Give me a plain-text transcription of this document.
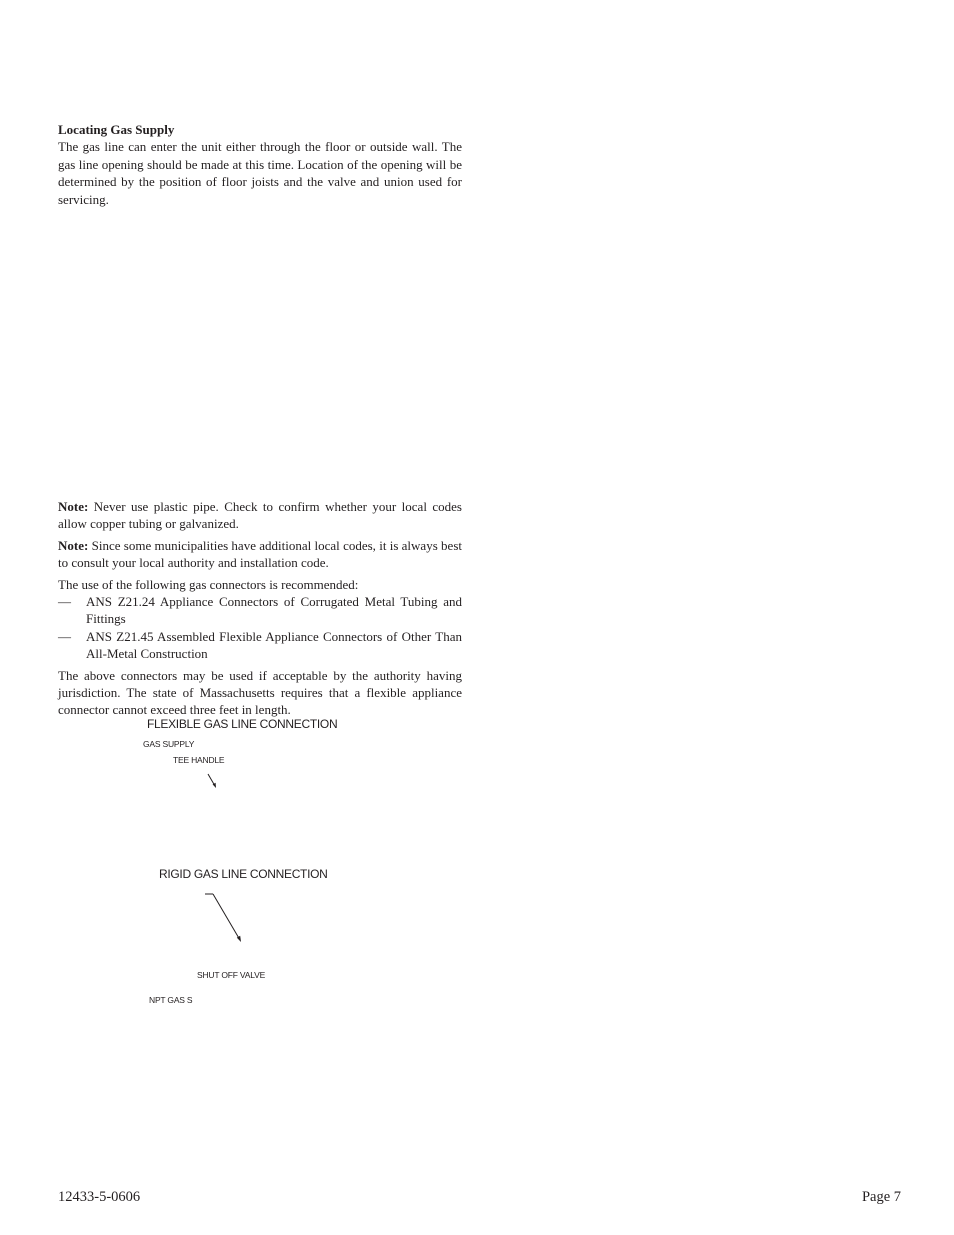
Locating Gas Supply

The gas line can enter the unit either through the floor or outside wall. The gas line opening should be made at this time. Location of the opening will be determined by the position of floor joists and the valve and union used for servicing.

Note: Never use plastic pipe. Check to confirm whether your local codes allow copper tubing or galvanized.

Note: Since some municipalities have additional local codes, it is always best to consult your local authority and installation code.

The use of the following gas connectors is recommended:

— ANS Z21.24 Appliance Connectors of Corrugated Metal Tubing and Fittings
— ANS Z21.45 Assembled Flexible Appliance Connectors of Other Than All-Metal Construction

The above connectors may be used if acceptable by the authority having jurisdiction. The state of Massachusetts requires that a flexible appliance connector cannot exceed three feet in length.

FLEXIBLE GAS LINE CONNECTION
GAS SUPPLY
TEE HANDLE
RIGID GAS LINE CONNECTION
SHUT OFF VALVE
NPT GAS S
12433-5-0606	Page 7
